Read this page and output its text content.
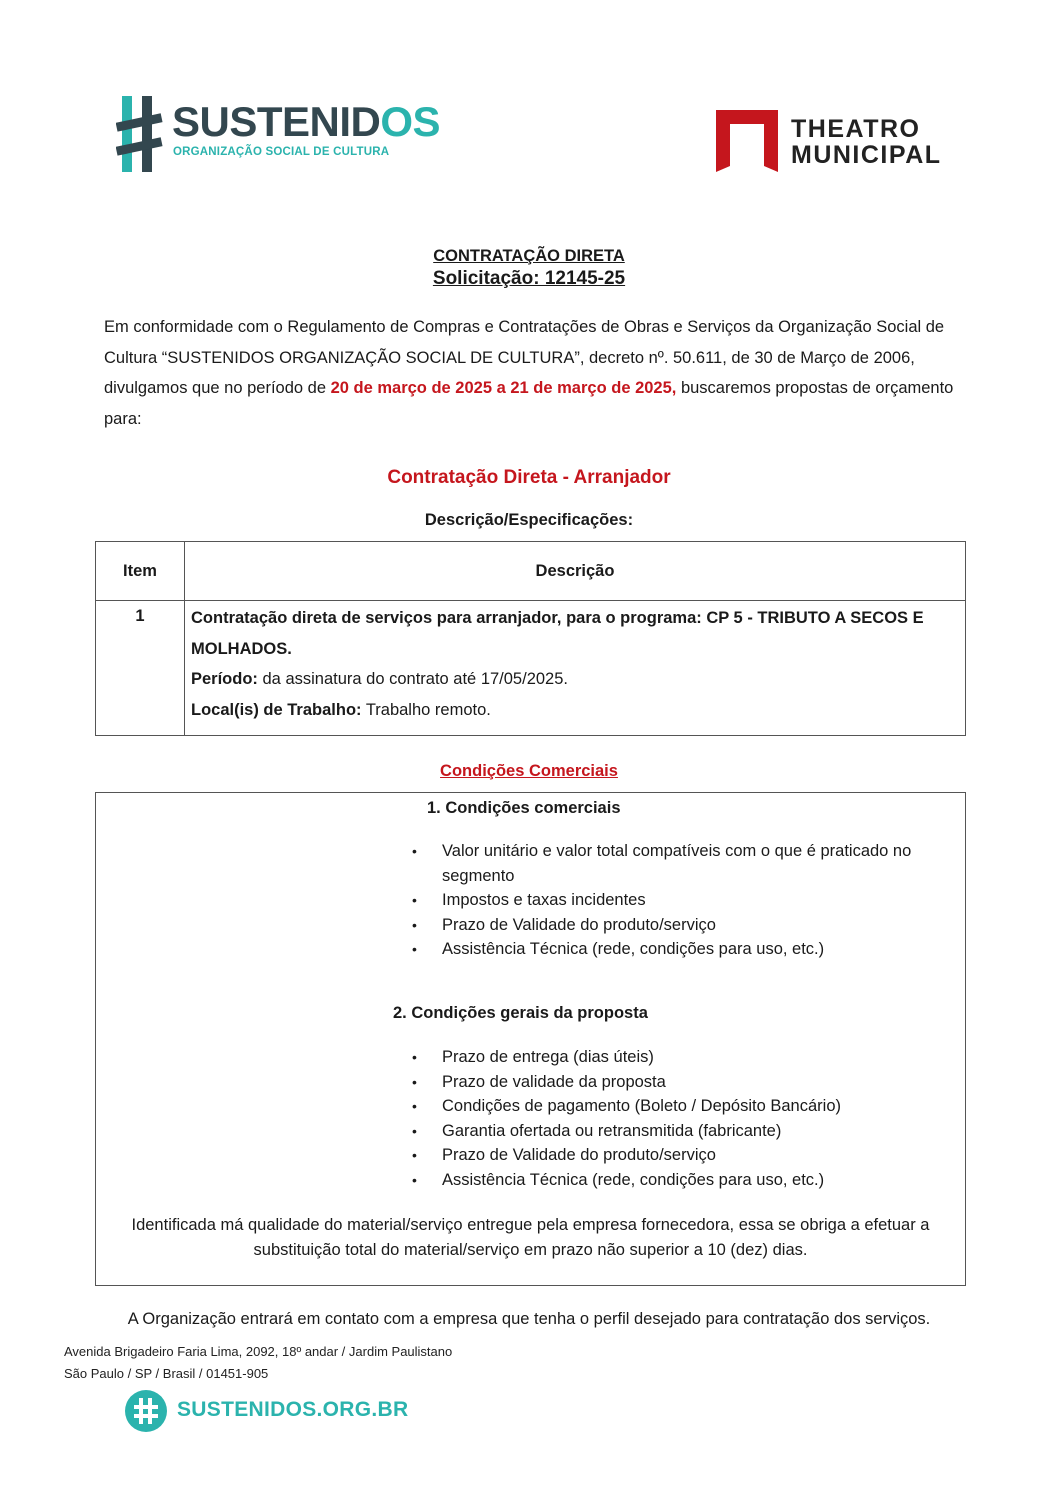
SUSTENIDOS
ORGANIZAÇÃO SOCIAL DE CULTURA
THEATRO
MUNICIPAL
CONTRATAÇÃO DIRETA
Solicitação: 12145-25
Em conformidade com o Regulamento de Compras e Contratações de Obras e Serviços da Organização Social de Cultura “SUSTENIDOS ORGANIZAÇÃO SOCIAL DE CULTURA”, decreto nº. 50.611, de 30 de Março de 2006, divulgamos que no período de 20 de março de 2025 a 21 de março de 2025, buscaremos propostas de orçamento para:
Contratação Direta - Arranjador
Descrição/Especificações:
Item	Descrição
1	Contratação direta de serviços para arranjador, para o programa: CP 5 - TRIBUTO A SECOS E MOLHADOS.
Período: da assinatura do contrato até 17/05/2025.
Local(is) de Trabalho: Trabalho remoto.
Condições Comerciais
1. Condições comerciais
• Valor unitário e valor total compatíveis com o que é praticado no segmento
• Impostos e taxas incidentes
• Prazo de Validade do produto/serviço
• Assistência Técnica (rede, condições para uso, etc.)
2. Condições gerais da proposta
• Prazo de entrega (dias úteis)
• Prazo de validade da proposta
• Condições de pagamento (Boleto / Depósito Bancário)
• Garantia ofertada ou retransmitida (fabricante)
• Prazo de Validade do produto/serviço
• Assistência Técnica (rede, condições para uso, etc.)
Identificada má qualidade do material/serviço entregue pela empresa fornecedora, essa se obriga a efetuar a substituição total do material/serviço em prazo não superior a 10 (dez) dias.
A Organização entrará em contato com a empresa que tenha o perfil desejado para contratação dos serviços.
Avenida Brigadeiro Faria Lima, 2092, 18º andar / Jardim Paulistano
São Paulo / SP / Brasil / 01451-905
SUSTENIDOS.ORG.BR
